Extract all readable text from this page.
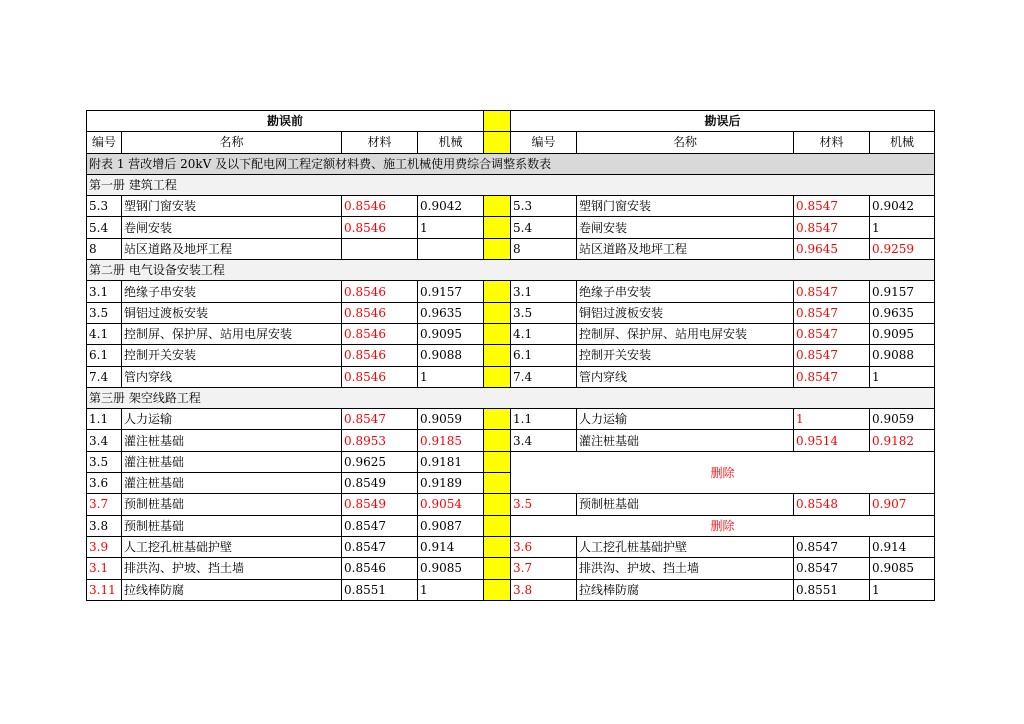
勘误前					勘误后			
编号	名称	材料	机械		编号	名称	材料	机械
附表 1 营改增后 20kV 及以下配电网工程定额材料费、施工机械使用费综合调整系数表								
第一册 建筑工程								
5.3	塑钢门窗安装	0.8546	0.9042		5.3	塑钢门窗安装	0.8547	0.9042
5.4	卷闸安装	0.8546	1		5.4	卷闸安装	0.8547	1
8	站区道路及地坪工程				8	站区道路及地坪工程	0.9645	0.9259
第二册 电气设备安装工程								
3.1	绝缘子串安装	0.8546	0.9157		3.1	绝缘子串安装	0.8547	0.9157
3.5	铜铝过渡板安装	0.8546	0.9635		3.5	铜铝过渡板安装	0.8547	0.9635
4.1	控制屏、保护屏、站用电屏安装	0.8546	0.9095		4.1	控制屏、保护屏、站用电屏安装	0.8547	0.9095
6.1	控制开关安装	0.8546	0.9088		6.1	控制开关安装	0.8547	0.9088
7.4	管内穿线	0.8546	1		7.4	管内穿线	0.8547	1
第三册 架空线路工程								
1.1	人力运输	0.8547	0.9059		1.1	人力运输	1	0.9059
3.4	灌注桩基础	0.8953	0.9185		3.4	灌注桩基础	0.9514	0.9182
3.5	灌注桩基础	0.9625	0.9181		删除			
3.6	灌注桩基础	0.8549	0.9189					
3.7	预制桩基础	0.8549	0.9054		3.5	预制桩基础	0.8548	0.907
3.8	预制桩基础	0.8547	0.9087		删除			
3.9	人工挖孔桩基础护壁	0.8547	0.914		3.6	人工挖孔桩基础护壁	0.8547	0.914
3.1	排洪沟、护坡、挡土墙	0.8546	0.9085		3.7	排洪沟、护坡、挡土墙	0.8547	0.9085
3.11	拉线棒防腐	0.8551	1		3.8	拉线棒防腐	0.8551	1
